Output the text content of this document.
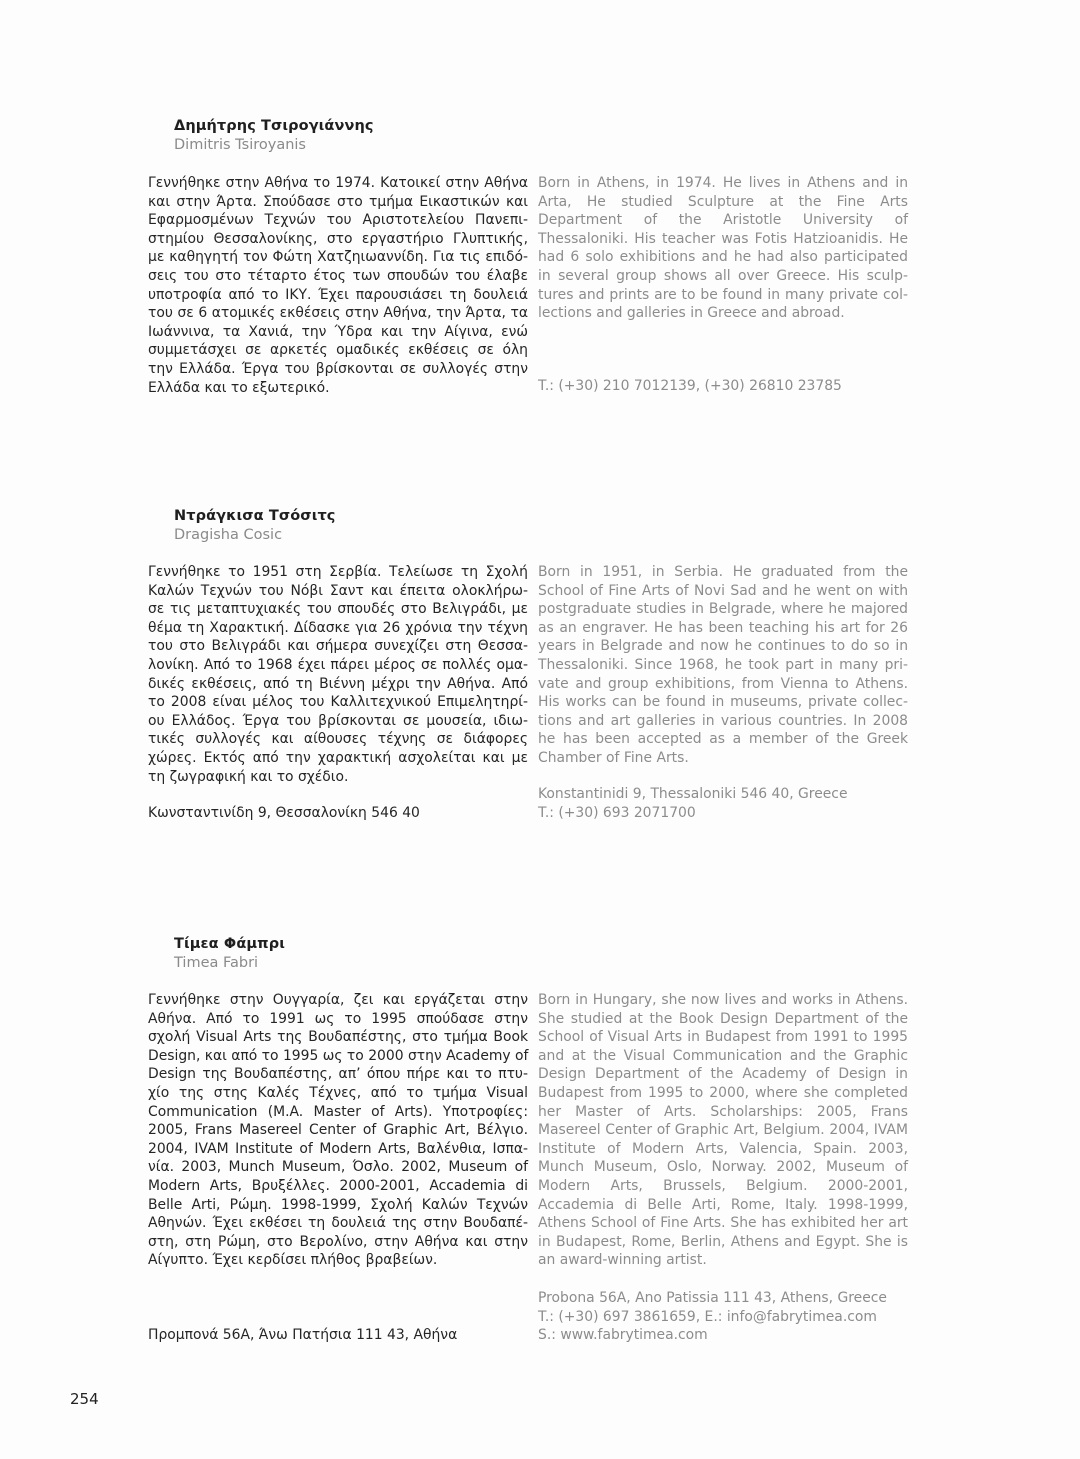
Δημήτρης Τσιρογιάννης
Dimitris Tsiroyanis
Γεννήθηκε στην Αθήνα το 1974. Κατοικεί στην Αθήνα
και στην Άρτα. Σπούδασε στο τμήμα Εικαστικών και
Εφαρμοσμένων Τεχνών του Αριστοτελείου Πανεπι-
στημίου Θεσσαλονίκης, στο εργαστήριο Γλυπτικής,
με καθηγητή τον Φώτη Χατζηιωαννίδη. Για τις επιδό-
σεις του στο τέταρτο έτος των σπουδών του έλαβε
υποτροφία από το ΙΚΥ. Έχει παρουσιάσει τη δουλειά
του σε 6 ατομικές εκθέσεις στην Αθήνα, την Άρτα, τα
Ιωάννινα, τα Χανιά, την Ύδρα και την Αίγινα, ενώ
συμμετάσχει σε αρκετές ομαδικές εκθέσεις σε όλη
την Ελλάδα. Έργα του βρίσκονται σε συλλογές στην
Ελλάδα και το εξωτερικό.
Born in Athens, in 1974. He lives in Athens and in
Arta, He studied Sculpture at the Fine Arts
Department of the Aristotle University of
Thessaloniki. His teacher was Fotis Hatzioanidis. He
had 6 solo exhibitions and he had also participated
in several group shows all over Greece. His sculp-
tures and prints are to be found in many private col-
lections and galleries in Greece and abroad.
T.: (+30) 210 7012139, (+30) 26810 23785
Ντράγκισα Τσόσιτς
Dragisha Cosic
Γεννήθηκε το 1951 στη Σερβία. Τελείωσε τη Σχολή
Καλών Τεχνών του Νόβι Σαντ και έπειτα ολοκλήρω-
σε τις μεταπτυχιακές του σπουδές στο Βελιγράδι, με
θέμα τη Χαρακτική. Δίδασκε για 26 χρόνια την τέχνη
του στο Βελιγράδι και σήμερα συνεχίζει στη Θεσσα-
λονίκη. Από το 1968 έχει πάρει μέρος σε πολλές ομα-
δικές εκθέσεις, από τη Βιέννη μέχρι την Αθήνα. Από
το 2008 είναι μέλος του Καλλιτεχνικού Επιμελητηρί-
ου Ελλάδος. Έργα του βρίσκονται σε μουσεία, ιδιω-
τικές συλλογές και αίθουσες τέχνης σε διάφορες
χώρες. Εκτός από την χαρακτική ασχολείται και με
τη ζωγραφική και το σχέδιο.
Κωνσταντινίδη 9, Θεσσαλονίκη 546 40
Born in 1951, in Serbia. He graduated from the
School of Fine Arts of Novi Sad and he went on with
postgraduate studies in Belgrade, where he majored
as an engraver. He has been teaching his art for 26
years in Belgrade and now he continues to do so in
Thessaloniki. Since 1968, he took part in many pri-
vate and group exhibitions, from Vienna to Athens.
His works can be found in museums, private collec-
tions and art galleries in various countries. In 2008
he has been accepted as a member of the Greek
Chamber of Fine Arts.
Konstantinidi 9, Thessaloniki 546 40, Greece
T.: (+30) 693 2071700
Τίμεα Φάμπρι
Timea Fabri
Γεννήθηκε στην Ουγγαρία, ζει και εργάζεται στην
Αθήνα. Από το 1991 ως το 1995 σπούδασε στην
σχολή Visual Arts της Βουδαπέστης, στο τμήμα Book
Design, και από το 1995 ως το 2000 στην Academy of
Design της Βουδαπέστης, απ’ όπου πήρε και το πτυ-
χίο της στης Καλές Τέχνες, από το τμήμα Visual
Communication (M.A. Master of Arts). Υποτροφίες:
2005, Frans Masereel Center of Graphic Art, Βέλγιο.
2004, IVAM Institute of Modern Arts, Βαλένθια, Ισπα-
νία. 2003, Munch Museum, Όσλο. 2002, Museum of
Modern Arts, Βρυξέλλες. 2000-2001, Accademia di
Belle Arti, Ρώμη. 1998-1999, Σχολή Καλών Τεχνών
Αθηνών. Έχει εκθέσει τη δουλειά της στην Βουδαπέ-
στη, στη Ρώμη, στο Βερολίνο, στην Αθήνα και στην
Αίγυπτο. Έχει κερδίσει πλήθος βραβείων.
Προμπονά 56Α, Άνω Πατήσια 111 43, Αθήνα
Born in Hungary, she now lives and works in Athens.
She studied at the Book Design Department of the
School of Visual Arts in Budapest from 1991 to 1995
and at the Visual Communication and the Graphic
Design Department of the Academy of Design in
Budapest from 1995 to 2000, where she completed
her Master of Arts. Scholarships: 2005, Frans
Masereel Center of Graphic Art, Belgium. 2004, IVAM
Institute of Modern Arts, Valencia, Spain. 2003,
Munch Museum, Oslo, Norway. 2002, Museum of
Modern Arts, Brussels, Belgium. 2000-2001,
Accademia di Belle Arti, Rome, Italy. 1998-1999,
Athens School of Fine Arts. She has exhibited her art
in Budapest, Rome, Berlin, Athens and Egypt. She is
an award-winning artist.
Probona 56A, Ano Patissia 111 43, Athens, Greece
T.: (+30) 697 3861659, E.: info@fabrytimea.com
S.: www.fabrytimea.com
254
